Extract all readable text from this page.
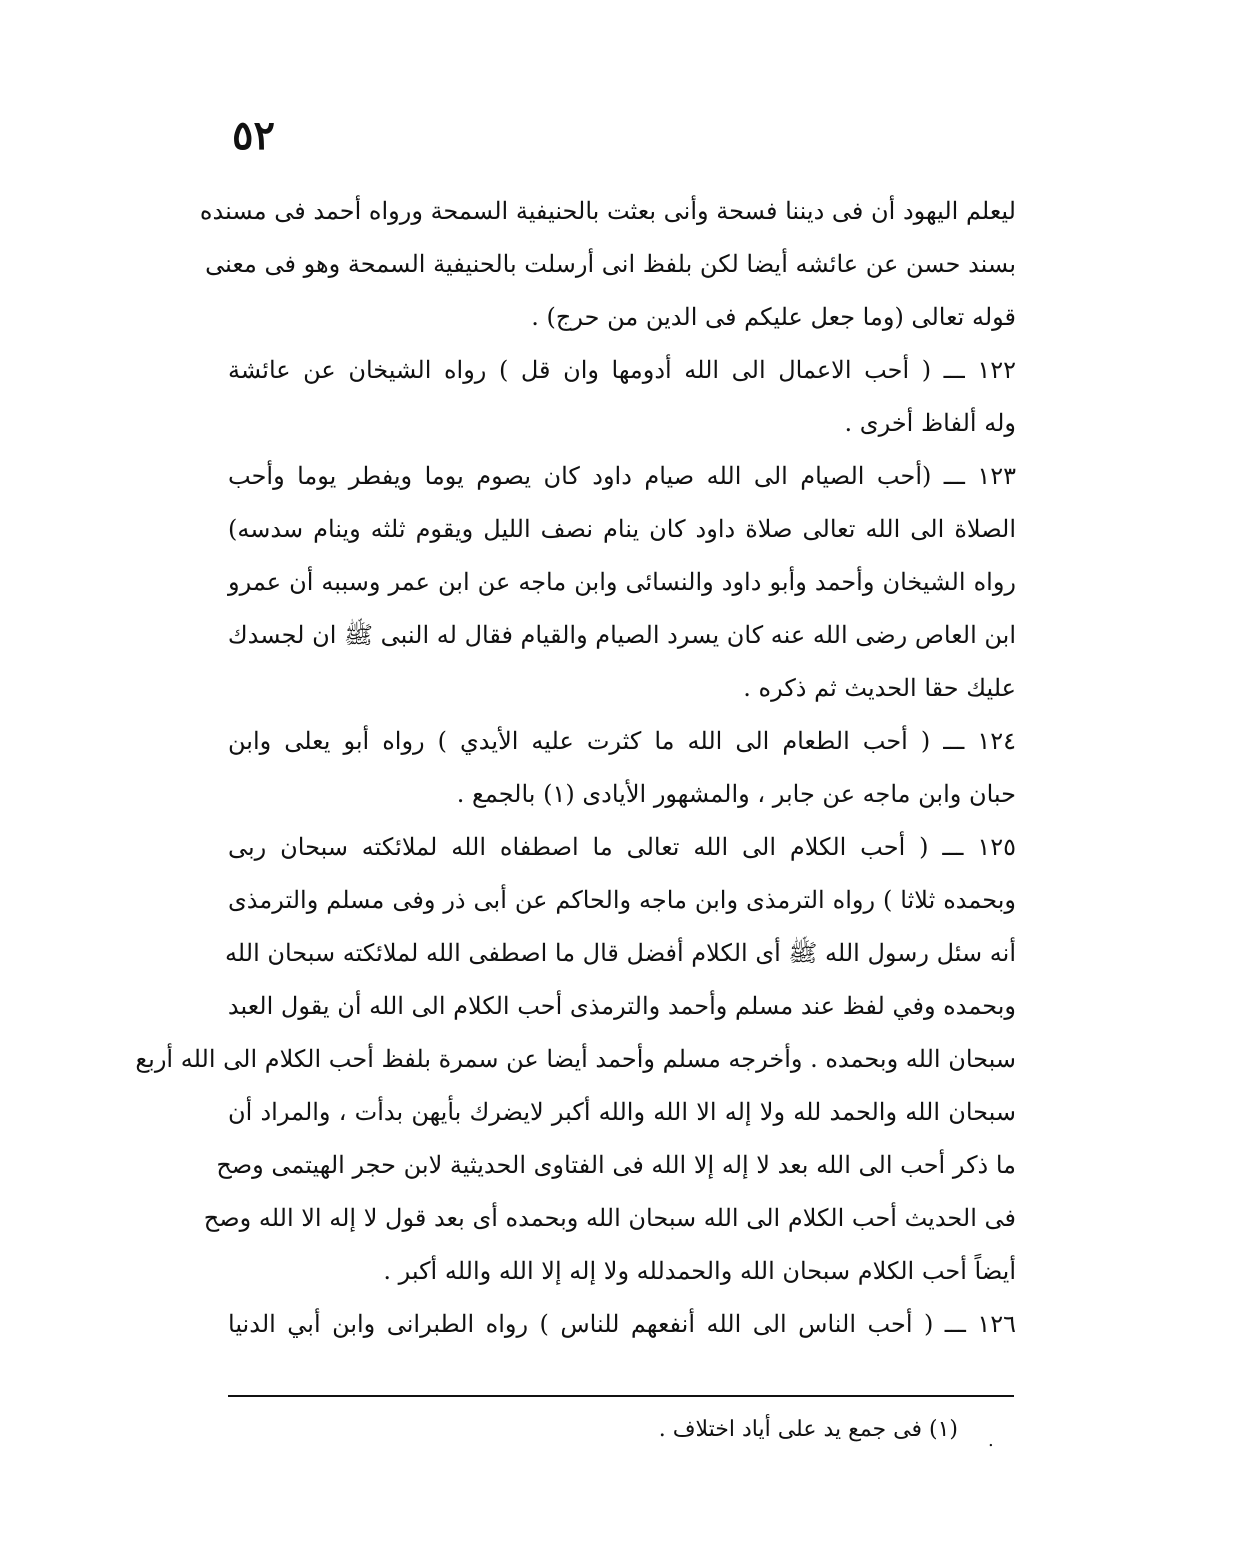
٥٢
ليعلم اليهود أن فى ديننا فسحة وأنى بعثت بالحنيفية السمحة ورواه أحمد فى مسنده
بسند حسن عن عائشه أيضا لكن بلفظ انى أرسلت بالحنيفية السمحة وهو فى معنى
قوله تعالى (وما جعل عليكم فى الدين من حرج) .
١٢٢ ـــ ( أحب الاعمال الى الله أدومها وان قل ) رواه الشيخان عن عائشة
وله ألفاظ أخرى .
١٢٣ ـــ (أحب الصيام الى الله صيام داود كان يصوم يوما ويفطر يوما وأحب
الصلاة الى الله تعالى صلاة داود كان ينام نصف الليل ويقوم ثلثه وينام سدسه)
رواه الشيخان وأحمد وأبو داود والنسائى وابن ماجه عن ابن عمر وسببه أن عمرو
ابن العاص رضى الله عنه كان يسرد الصيام والقيام فقال له النبى ﷺ ان لجسدك
عليك حقا الحديث ثم ذكره .
١٢٤ ـــ ( أحب الطعام الى الله ما كثرت عليه الأيدي ) رواه أبو يعلى وابن
حبان وابن ماجه عن جابر ، والمشهور الأيادى (١) بالجمع .
١٢٥ ـــ ( أحب الكلام الى الله تعالى ما اصطفاه الله لملائكته سبحان ربى
وبحمده ثلاثا ) رواه الترمذى وابن ماجه والحاكم عن أبى ذر وفى مسلم والترمذى
أنه سئل رسول الله ﷺ أى الكلام أفضل قال ما اصطفى الله لملائكته سبحان الله
وبحمده وفي لفظ عند مسلم وأحمد والترمذى أحب الكلام الى الله أن يقول العبد
سبحان الله وبحمده . وأخرجه مسلم وأحمد أيضا عن سمرة بلفظ أحب الكلام الى الله أربع
سبحان الله والحمد لله ولا إله الا الله والله أكبر لايضرك بأيهن بدأت ، والمراد أن
ما ذكر أحب الى الله بعد لا إله إلا الله فى الفتاوى الحديثية لابن حجر الهيتمى وصح
فى الحديث أحب الكلام الى الله سبحان الله وبحمده أى بعد قول لا إله الا الله وصح
أيضاً أحب الكلام سبحان الله والحمدلله ولا إله إلا الله والله أكبر .
١٢٦ ـــ ( أحب الناس الى الله أنفعهم للناس ) رواه الطبرانى وابن أبي الدنيا
(١) فى جمع يد على أياد اختلاف . .
